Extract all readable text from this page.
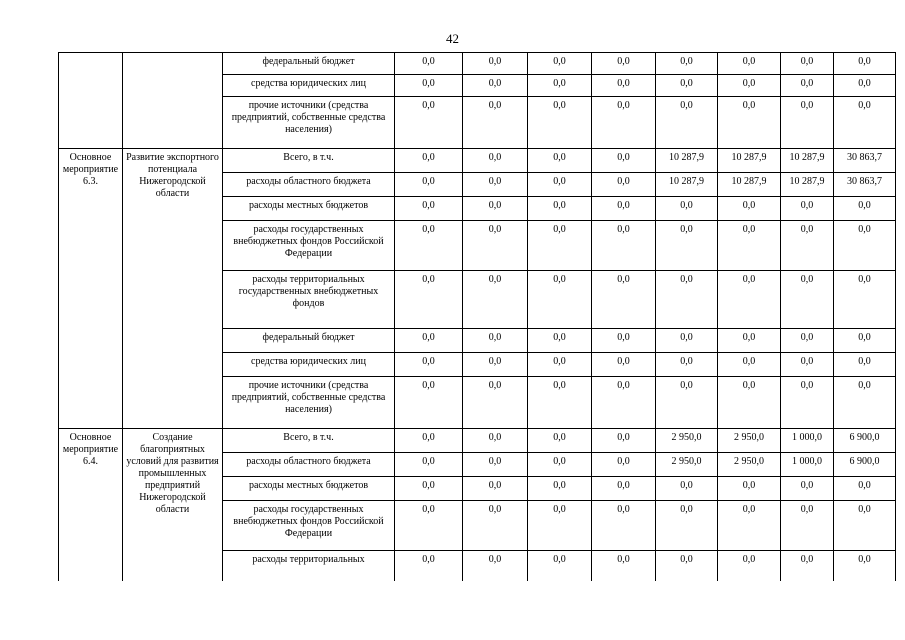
42
		федеральный бюджет	0,0	0,0	0,0	0,0	0,0	0,0	0,0	0,0
		средства юридических лиц	0,0	0,0	0,0	0,0	0,0	0,0	0,0	0,0
		прочие источники (средства предприятий, собственные средства населения)	0,0	0,0	0,0	0,0	0,0	0,0	0,0	0,0
Основное мероприятие 6.3.	Развитие экспортного потенциала Нижегородской области	Всего, в т.ч.	0,0	0,0	0,0	0,0	10 287,9	10 287,9	10 287,9	30 863,7
		расходы областного бюджета	0,0	0,0	0,0	0,0	10 287,9	10 287,9	10 287,9	30 863,7
		расходы местных бюджетов	0,0	0,0	0,0	0,0	0,0	0,0	0,0	0,0
		расходы государственных внебюджетных фондов Российской Федерации	0,0	0,0	0,0	0,0	0,0	0,0	0,0	0,0
		расходы территориальных государственных внебюджетных фондов	0,0	0,0	0,0	0,0	0,0	0,0	0,0	0,0
		федеральный бюджет	0,0	0,0	0,0	0,0	0,0	0,0	0,0	0,0
		средства юридических лиц	0,0	0,0	0,0	0,0	0,0	0,0	0,0	0,0
		прочие источники (средства предприятий, собственные средства населения)	0,0	0,0	0,0	0,0	0,0	0,0	0,0	0,0
Основное мероприятие 6.4.	Создание благоприятных условий для развития промышленных предприятий Нижегородской области	Всего, в т.ч.	0,0	0,0	0,0	0,0	2 950,0	2 950,0	1 000,0	6 900,0
		расходы областного бюджета	0,0	0,0	0,0	0,0	2 950,0	2 950,0	1 000,0	6 900,0
		расходы местных бюджетов	0,0	0,0	0,0	0,0	0,0	0,0	0,0	0,0
		расходы государственных внебюджетных фондов Российской Федерации	0,0	0,0	0,0	0,0	0,0	0,0	0,0	0,0
		расходы территориальных	0,0	0,0	0,0	0,0	0,0	0,0	0,0	0,0
